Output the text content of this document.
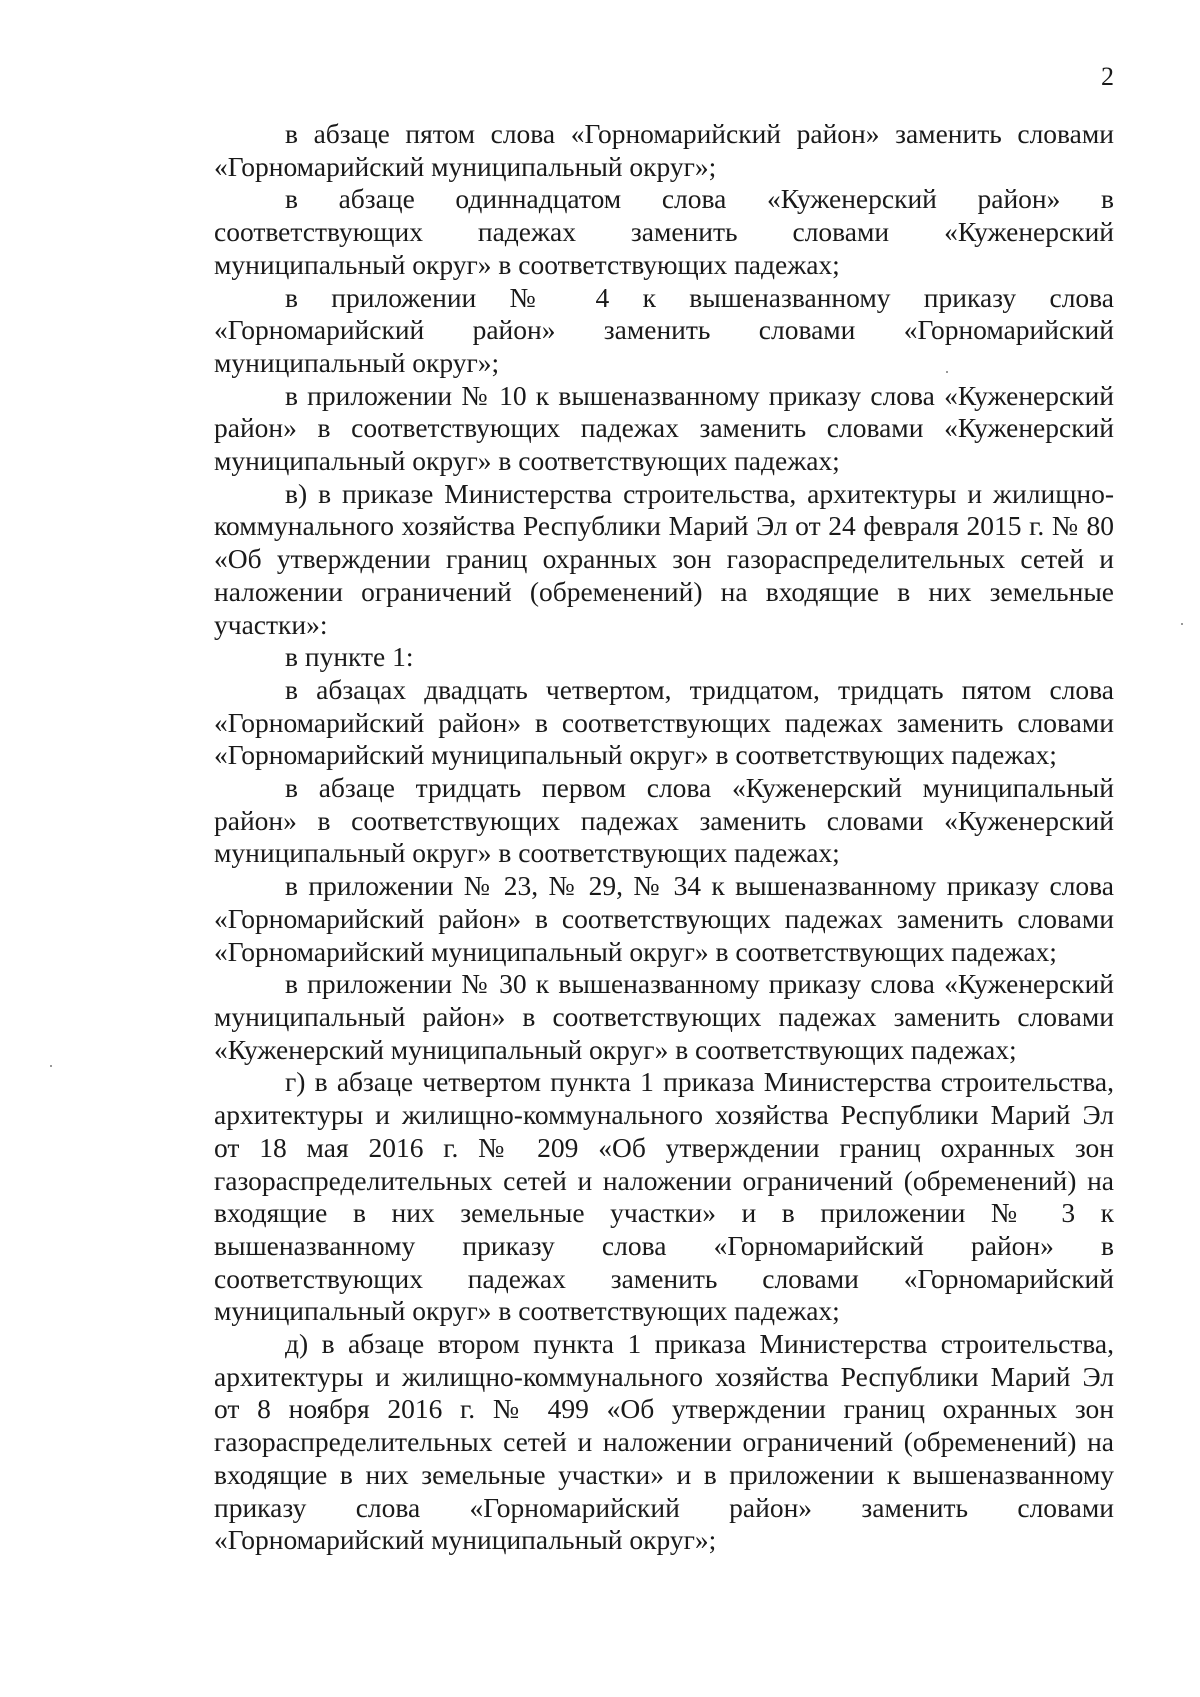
2

в абзаце пятом слова «Горномарийский район» заменить словами «Горномарийский муниципальный округ»;

в абзаце одиннадцатом слова «Куженерский район» в соответствующих падежах заменить словами «Куженерский муниципальный округ» в соответствующих падежах;

в приложении № 4 к вышеназванному приказу слова «Горномарийский район» заменить словами «Горномарийский муниципальный округ»;

в приложении № 10 к вышеназванному приказу слова «Куженерский район» в соответствующих падежах заменить словами «Куженерский муниципальный округ» в соответствующих падежах;

в) в приказе Министерства строительства, архитектуры и жилищно-коммунального хозяйства Республики Марий Эл от 24 февраля 2015 г. № 80 «Об утверждении границ охранных зон газораспределительных сетей и наложении ограничений (обременений) на входящие в них земельные участки»:

в пункте 1:

в абзацах двадцать четвертом, тридцатом, тридцать пятом слова «Горномарийский район» в соответствующих падежах заменить словами «Горномарийский муниципальный округ» в соответствующих падежах;

в абзаце тридцать первом слова «Куженерский муниципальный район» в соответствующих падежах заменить словами «Куженерский муниципальный округ» в соответствующих падежах;

в приложении № 23, № 29, № 34 к вышеназванному приказу слова «Горномарийский район» в соответствующих падежах заменить словами «Горномарийский муниципальный округ» в соответствующих падежах;

в приложении № 30 к вышеназванному приказу слова «Куженерский муниципальный район» в соответствующих падежах заменить словами «Куженерский муниципальный округ» в соответствующих падежах;

г) в абзаце четвертом пункта 1 приказа Министерства строительства, архитектуры и жилищно-коммунального хозяйства Республики Марий Эл от 18 мая 2016 г. № 209 «Об утверждении границ охранных зон газораспределительных сетей и наложении ограничений (обременений) на входящие в них земельные участки» и в приложении № 3 к вышеназванному приказу слова «Горномарийский район» в соответствующих падежах заменить словами «Горномарийский муниципальный округ» в соответствующих падежах;

д) в абзаце втором пункта 1 приказа Министерства строительства, архитектуры и жилищно-коммунального хозяйства Республики Марий Эл от 8 ноября 2016 г. № 499 «Об утверждении границ охранных зон газораспределительных сетей и наложении ограничений (обременений) на входящие в них земельные участки» и в приложении к вышеназванному приказу слова «Горномарийский район» заменить словами «Горномарийский муниципальный округ»;
